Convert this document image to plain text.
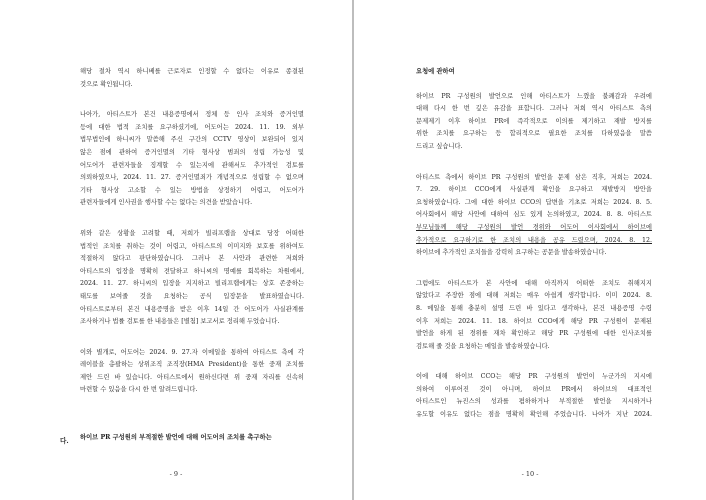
해당 절차 역시 하니베를 근로자로 인정할 수 없다는 이유로 종결된
것으로 확인됩니다.
나아가, 아티스트가 본건 내용증명에서 정체 등 인사 조치와 증거인멸
등에 대한 법적 조치를 요구하셨기에, 어도어는 2024. 11. 19. 외부
법무법인에 하니씨가 말씀해 주신 구간의 CCTV 영상이 보완되어 있지
않은 점에 관하여 증거인멸의 기타 형사상 범죄의 성립 가능성 및
어도어가 관련자들을 징계할 수 있는지에 관해서도 추가적인 검토를
의뢰하였으나, 2024. 11. 27. 증거인멸죄가 개념적으로 성립할 수 없으며
기타 형사상 고소할 수 있는 방법을 상정하기 어렵고, 어도어가
관련자들에게 인사권을 행사할 수는 없다는 의견을 받았습니다.
위와 같은 상황을 고려할 때, 저희가 빌리프랩을 상대로 당장 어떠한
법적인 조치를 취하는 것이 어렵고, 아티스트의 이미지와 보호를 위하여도
적절하지 않다고 판단하였습니다. 그러나 본 사안과 관련한 저희와
아티스트의 입장을 명확히 전달하고 하니씨의 명예를 회복하는 차원에서,
2024. 11. 27. 하니씨의 입장을 지지하고 빌리프랩에게는 상호 존중하는
태도를 보여줄 것을 요청하는 공식 입장문을 발표하였습니다.
아티스트로부터 본건 내용증명을 받은 이후 14일 간 어도어가 사실관계를
조사하거나 법률 검토를 한 내용들은 [별첨] 보고서로 정리해 두었습니다.
이와 별개로, 어도어는 2024. 9. 27.자 이메일을 통하여 아티스트 측에 각
레이블을 총괄하는 상위조직 조직장(HMA President)을 통한 중재 조치를
제안 드린 바 있습니다. 아티스트에서 원하신다면 위 중재 자리를 신속히
마련할 수 있음을 다시 한 번 알려드립니다.
다. 하이브 PR 구성원의 부적절한 발언에 대해 어도어의 조치를 촉구하는
- 9 -
요청에 관하여
하이브 PR 구성원의 발언으로 인해 아티스트가 느꼈을 불쾌감과 우려에
대해 다시 한 번 깊은 유감을 표합니다. 그러나 저희 역시 아티스트 측의
문제제기 이후 하이브 PR에 즉각적으로 이의를 제기하고 재발 방지를
위한 조치를 요구하는 등 합리적으로 필요한 조치를 다하였음을 말씀
드리고 싶습니다.
아티스트 측에서 하이브 PR 구성원의 발언을 문제 삼은 직후, 저희는 2024.
7. 29. 하이브 CCO에게 사실관계 확인을 요구하고 재발방지 방안을
요청하였습니다. 그에 대한 하이브 CCO의 답변을 기초로 저희는 2024. 8. 5.
어사회에서 해당 사안에 대하여 심도 있게 논의하였고, 2024. 8. 8. 아티스트
부모님들께 해당 구성원의 발언 경위와 어도어 이사회에서 하이브에
추가적으로 요구하기로 한 조치의 내용을 공유 드렸으며, 2024. 8. 12.
하이브에 추가적인 조치들을 강력히 요구하는 공문을 발송하였습니다.
그럼에도 아티스트가 본 사안에 대해 아직까지 어떠한 조치도 취해지지
않았다고 주장한 점에 대해 저희는 매우 아쉽게 생각합니다. 이미 2024. 8.
8. 메일을 통해 충분히 설명 드린 바 있다고 생각하나, 본건 내용증명 수령
이후 저희는 2024. 11. 18. 하이브 CCO에게 해당 PR 구성원이 문제된
발언을 하게 된 경위를 재차 확인하고 해당 PR 구성원에 대한 인사조치를
검토해 줄 것을 요청하는 메일을 발송하였습니다.
이에 대해 하이브 CCO는 해당 PR 구성원의 발언이 누군가의 지시에
의하여 이루어진 것이 아니며, 하이브 PR에서 하이브의 대표적인
아티스트인 뉴진스의 성과를 폄하하거나 부적절한 발언을 지시하거나
유도할 이유도 없다는 점을 명확히 확인해 주었습니다. 나아가 지난 2024.
- 10 -
